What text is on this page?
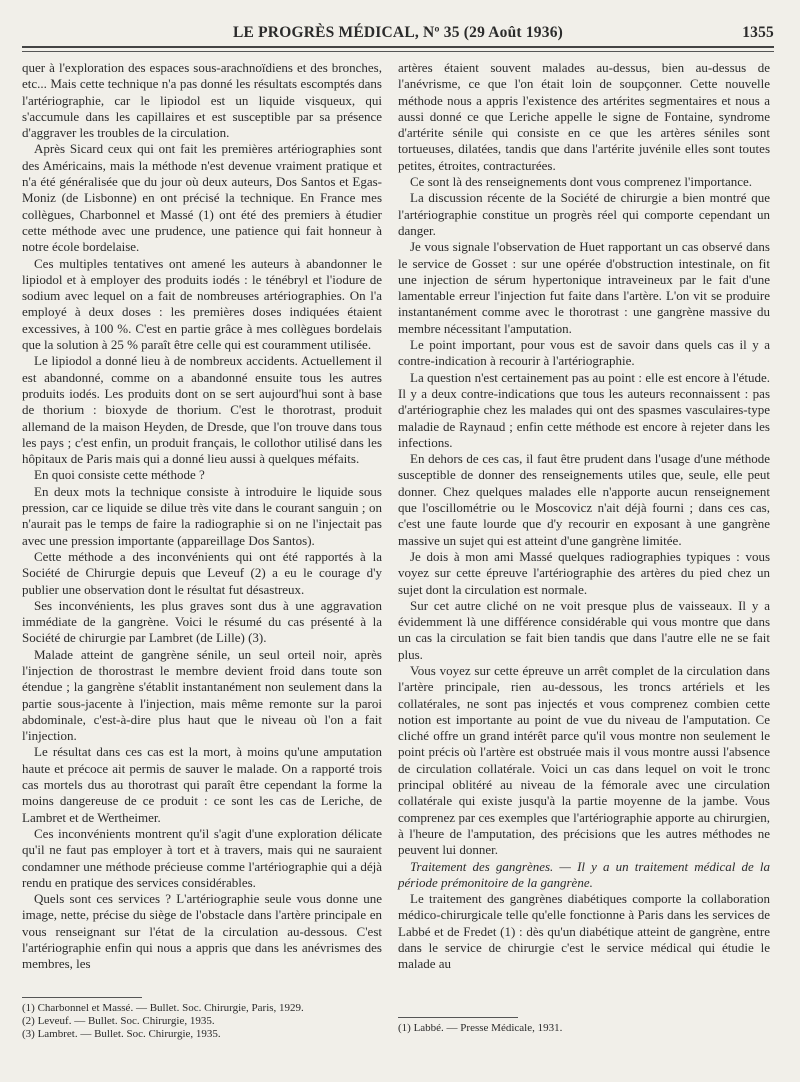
LE PROGRÈS MÉDICAL, Nº 35 (29 Août 1936)	1355

quer à l'exploration des espaces sous-arachnoïdiens et des bronches, etc... Mais cette technique n'a pas donné les résultats escomptés dans l'artériographie, car le lipiodol est un liquide visqueux, qui s'accumule dans les capillaires et est susceptible par sa présence d'aggraver les troubles de la circulation.

Après Sicard ceux qui ont fait les premières artériographies sont des Américains, mais la méthode n'est devenue vraiment pratique et n'a été généralisée que du jour où deux auteurs, Dos Santos et Egas-Moniz (de Lisbonne) en ont précisé la technique. En France mes collègues, Charbonnel et Massé (1) ont été des premiers à étudier cette méthode avec une prudence, une patience qui fait honneur à notre école bordelaise.

Ces multiples tentatives ont amené les auteurs à abandonner le lipiodol et à employer des produits iodés : le ténébryl et l'iodure de sodium avec lequel on a fait de nombreuses artériographies. On l'a employé à deux doses : les premières doses indiquées étaient excessives, à 100 %. C'est en partie grâce à mes collègues bordelais que la solution à 25 % paraît être celle qui est couramment utilisée.

Le lipiodol a donné lieu à de nombreux accidents. Actuellement il est abandonné, comme on a abandonné ensuite tous les autres produits iodés. Les produits dont on se sert aujourd'hui sont à base de thorium : bioxyde de thorium. C'est le thorotrast, produit allemand de la maison Heyden, de Dresde, que l'on trouve dans tous les pays ; c'est enfin, un produit français, le collothor utilisé dans les hôpitaux de Paris mais qui a donné lieu aussi à quelques méfaits.

En quoi consiste cette méthode ?

En deux mots la technique consiste à introduire le liquide sous pression, car ce liquide se dilue très vite dans le courant sanguin ; on n'aurait pas le temps de faire la radiographie si on ne l'injectait pas avec une pression importante (appareillage Dos Santos).

Cette méthode a des inconvénients qui ont été rapportés à la Société de Chirurgie depuis que Leveuf (2) a eu le courage d'y publier une observation dont le résultat fut désastreux.

Ses inconvénients, les plus graves sont dus à une aggravation immédiate de la gangrène. Voici le résumé du cas présenté à la Société de chirurgie par Lambret (de Lille) (3).

Malade atteint de gangrène sénile, un seul orteil noir, après l'injection de thorostrast le membre devient froid dans toute son étendue ; la gangrène s'établit instantanément non seulement dans la partie sous-jacente à l'injection, mais même remonte sur la paroi abdominale, c'est-à-dire plus haut que le niveau où l'on a fait l'injection.

Le résultat dans ces cas est la mort, à moins qu'une amputation haute et précoce ait permis de sauver le malade. On a rapporté trois cas mortels dus au thorotrast qui paraît être cependant la forme la moins dangereuse de ce produit : ce sont les cas de Leriche, de Lambret et de Wertheimer.

Ces inconvénients montrent qu'il s'agit d'une exploration délicate qu'il ne faut pas employer à tort et à travers, mais qui ne sauraient condamner une méthode précieuse comme l'artériographie qui a déjà rendu en pratique des services considérables.

Quels sont ces services ? L'artériographie seule vous donne une image, nette, précise du siège de l'obstacle dans l'artère principale en vous renseignant sur l'état de la circulation au-dessous. C'est l'artériographie enfin qui nous a appris que dans les anévrismes des membres, les

(1) Charbonnel et Massé. — Bullet. Soc. Chirurgie, Paris, 1929.
(2) Leveuf. — Bullet. Soc. Chirurgie, 1935.
(3) Lambret. — Bullet. Soc. Chirurgie, 1935.

artères étaient souvent malades au-dessus, bien au-dessus de l'anévrisme, ce que l'on était loin de soupçonner. Cette nouvelle méthode nous a appris l'existence des artérites segmentaires et nous a aussi donné ce que Leriche appelle le signe de Fontaine, syndrome d'artérite sénile qui consiste en ce que les artères séniles sont tortueuses, dilatées, tandis que dans l'artérite juvénile elles sont toutes petites, étroites, contracturées.

Ce sont là des renseignements dont vous comprenez l'importance.

La discussion récente de la Société de chirurgie a bien montré que l'artériographie constitue un progrès réel qui comporte cependant un danger.

Je vous signale l'observation de Huet rapportant un cas observé dans le service de Gosset : sur une opérée d'obstruction intestinale, on fit une injection de sérum hypertonique intraveineux par le fait d'une lamentable erreur l'injection fut faite dans l'artère. L'on vit se produire instantanément comme avec le thorotrast : une gangrène massive du membre nécessitant l'amputation.

Le point important, pour vous est de savoir dans quels cas il y a contre-indication à recourir à l'artériographie.

La question n'est certainement pas au point : elle est encore à l'étude. Il y a deux contre-indications que tous les auteurs reconnaissent : pas d'artériographie chez les malades qui ont des spasmes vasculaires-type maladie de Raynaud ; enfin cette méthode est encore à rejeter dans les infections.

En dehors de ces cas, il faut être prudent dans l'usage d'une méthode susceptible de donner des renseignements utiles que, seule, elle peut donner. Chez quelques malades elle n'apporte aucun renseignement que l'oscillométrie ou le Moscovicz n'ait déjà fourni ; dans ces cas, c'est une faute lourde que d'y recourir en exposant à une gangrène massive un sujet qui est atteint d'une gangrène limitée.

Je dois à mon ami Massé quelques radiographies typiques : vous voyez sur cette épreuve l'artériographie des artères du pied chez un sujet dont la circulation est normale.

Sur cet autre cliché on ne voit presque plus de vaisseaux. Il y a évidemment là une différence considérable qui vous montre que dans un cas la circulation se fait bien tandis que dans l'autre elle ne se fait plus.

Vous voyez sur cette épreuve un arrêt complet de la circulation dans l'artère principale, rien au-dessous, les troncs artériels et les collatérales, ne sont pas injectés et vous comprenez combien cette notion est importante au point de vue du niveau de l'amputation. Ce cliché offre un grand intérêt parce qu'il vous montre non seulement le point précis où l'artère est obstruée mais il vous montre aussi l'absence de circulation collatérale. Voici un cas dans lequel on voit le tronc principal oblitéré au niveau de la fémorale avec une circulation collatérale qui existe jusqu'à la partie moyenne de la jambe. Vous comprenez par ces exemples que l'artériographie apporte au chirurgien, à l'heure de l'amputation, des précisions que les autres méthodes ne peuvent lui donner.

Traitement des gangrènes. — Il y a un traitement médical de la période prémonitoire de la gangrène.

Le traitement des gangrènes diabétiques comporte la collaboration médico-chirurgicale telle qu'elle fonctionne à Paris dans les services de Labbé et de Fredet (1) : dès qu'un diabétique atteint de gangrène, entre dans le service de chirurgie c'est le service médical qui étudie le malade au

(1) Labbé. — Presse Médicale, 1931.
